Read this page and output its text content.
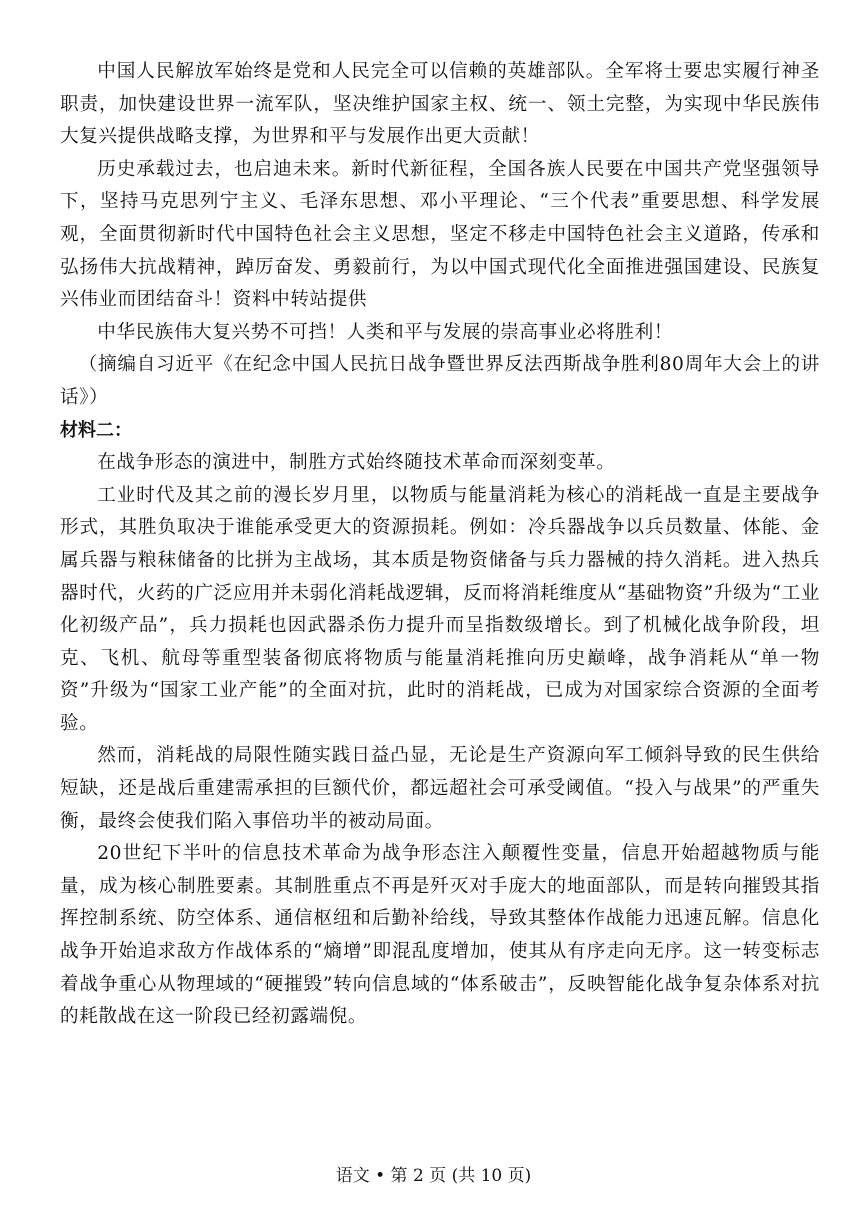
中国人民解放军始终是党和人民完全可以信赖的英雄部队。全军将士要忠实履行神圣职责，加快建设世界一流军队，坚决维护国家主权、统一、领土完整，为实现中华民族伟大复兴提供战略支撑，为世界和平与发展作出更大贡献！

历史承载过去，也启迪未来。新时代新征程，全国各族人民要在中国共产党坚强领导下，坚持马克思列宁主义、毛泽东思想、邓小平理论、“三个代表”重要思想、科学发展观，全面贯彻新时代中国特色社会主义思想，坚定不移走中国特色社会主义道路，传承和弘扬伟大抗战精神，踔厉奋发、勇毅前行，为以中国式现代化全面推进强国建设、民族复兴伟业而团结奋斗！资料中转站提供

中华民族伟大复兴势不可挡！人类和平与发展的崇高事业必将胜利！

（摘编自习近平《在纪念中国人民抗日战争暨世界反法西斯战争胜利80周年大会上的讲话》）

材料二：

在战争形态的演进中，制胜方式始终随技术革命而深刻变革。

工业时代及其之前的漫长岁月里，以物质与能量消耗为核心的消耗战一直是主要战争形式，其胜负取决于谁能承受更大的资源损耗。例如：冷兵器战争以兵员数量、体能、金属兵器与粮秣储备的比拼为主战场，其本质是物资储备与兵力器械的持久消耗。进入热兵器时代，火药的广泛应用并未弱化消耗战逻辑，反而将消耗维度从“基础物资”升级为“工业化初级产品”，兵力损耗也因武器杀伤力提升而呈指数级增长。到了机械化战争阶段，坦克、飞机、航母等重型装备彻底将物质与能量消耗推向历史巅峰，战争消耗从“单一物资”升级为“国家工业产能”的全面对抗，此时的消耗战，已成为对国家综合资源的全面考验。

然而，消耗战的局限性随实践日益凸显，无论是生产资源向军工倾斜导致的民生供给短缺，还是战后重建需承担的巨额代价，都远超社会可承受阈值。“投入与战果”的严重失衡，最终会使我们陷入事倍功半的被动局面。

20世纪下半叶的信息技术革命为战争形态注入颠覆性变量，信息开始超越物质与能量，成为核心制胜要素。其制胜重点不再是歼灭对手庞大的地面部队，而是转向摧毁其指挥控制系统、防空体系、通信枢纽和后勤补给线，导致其整体作战能力迅速瓦解。信息化战争开始追求敌方作战体系的“熵增”即混乱度增加，使其从有序走向无序。这一转变标志着战争重心从物理域的“硬摧毁”转向信息域的“体系破击”，反映智能化战争复杂体系对抗的耗散战在这一阶段已经初露端倪。

语文 • 第 2 页 (共 10 页)
